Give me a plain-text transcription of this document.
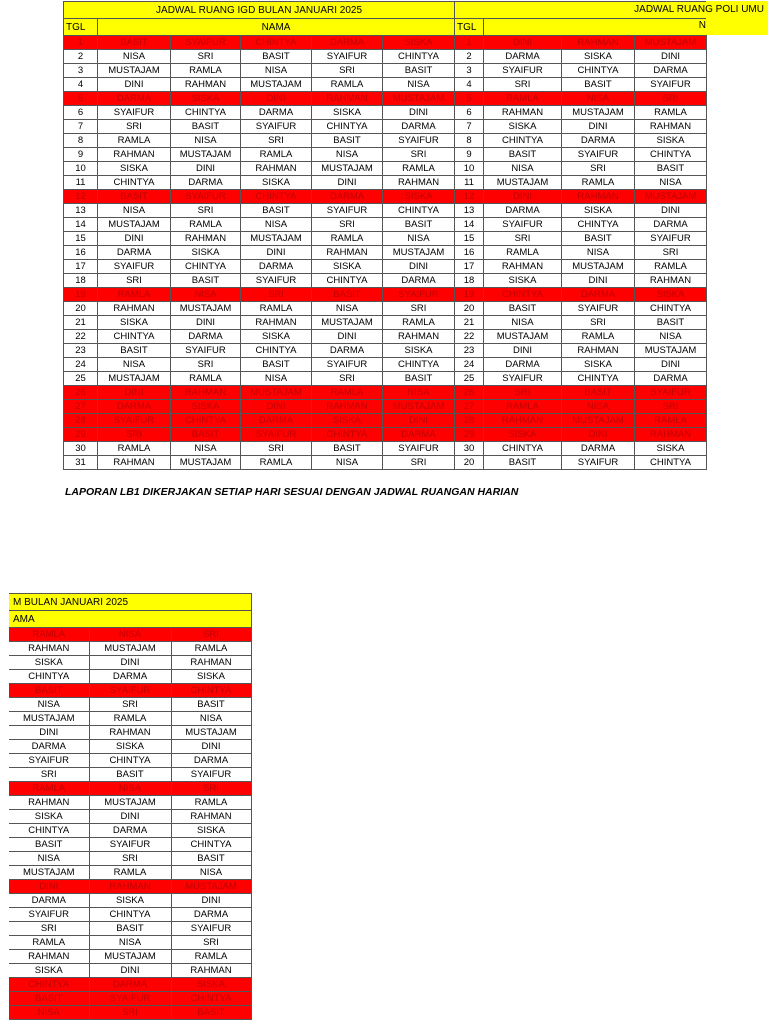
JADWAL RUANG IGD BULAN JANUARI 2025					
TGL	NAMA				
1	BASIT	SYAIFUR	CHINTYA	DARMA	SISKA
2	NISA	SRI	BASIT	SYAIFUR	CHINTYA
3	MUSTAJAM	RAMLA	NISA	SRI	BASIT
4	DINI	RAHMAN	MUSTAJAM	RAMLA	NISA
5	DARMA	SISKA	DINI	RAHMAN	MUSTAJAM
6	SYAIFUR	CHINTYA	DARMA	SISKA	DINI
7	SRI	BASIT	SYAIFUR	CHINTYA	DARMA
8	RAMLA	NISA	SRI	BASIT	SYAIFUR
9	RAHMAN	MUSTAJAM	RAMLA	NISA	SRI
10	SISKA	DINI	RAHMAN	MUSTAJAM	RAMLA
11	CHINTYA	DARMA	SISKA	DINI	RAHMAN
12	BASIT	SYAIFUR	CHINTYA	DARMA	SISKA
13	NISA	SRI	BASIT	SYAIFUR	CHINTYA
14	MUSTAJAM	RAMLA	NISA	SRI	BASIT
15	DINI	RAHMAN	MUSTAJAM	RAMLA	NISA
16	DARMA	SISKA	DINI	RAHMAN	MUSTAJAM
17	SYAIFUR	CHINTYA	DARMA	SISKA	DINI
18	SRI	BASIT	SYAIFUR	CHINTYA	DARMA
19	RAMLA	NISA	SRI	BASIT	SYAIFUR
20	RAHMAN	MUSTAJAM	RAMLA	NISA	SRI
21	SISKA	DINI	RAHMAN	MUSTAJAM	RAMLA
22	CHINTYA	DARMA	SISKA	DINI	RAHMAN
23	BASIT	SYAIFUR	CHINTYA	DARMA	SISKA
24	NISA	SRI	BASIT	SYAIFUR	CHINTYA
25	MUSTAJAM	RAMLA	NISA	SRI	BASIT
26	DINI	RAHMAN	MUSTAJAM	RAMLA	NISA
27	DARMA	SISKA	DINI	RAHMAN	MUSTAJAM
28	SYAIFUR	CHINTYA	DARMA	SISKA	DINI
29	SRI	BASIT	SYAIFUR	CHINTYA	DARMA
30	RAMLA	NISA	SRI	BASIT	SYAIFUR
31	RAHMAN	MUSTAJAM	RAMLA	NISA	SRI

TGL			
1	DINI	RAHMAN	MUSTAJAM
2	DARMA	SISKA	DINI
3	SYAIFUR	CHINTYA	DARMA
4	SRI	BASIT	SYAIFUR
5	RAMLA	NISA	SRI
6	RAHMAN	MUSTAJAM	RAMLA
7	SISKA	DINI	RAHMAN
8	CHINTYA	DARMA	SISKA
9	BASIT	SYAIFUR	CHINTYA
10	NISA	SRI	BASIT
11	MUSTAJAM	RAMLA	NISA
12	DINI	RAHMAN	MUSTAJAM
13	DARMA	SISKA	DINI
14	SYAIFUR	CHINTYA	DARMA
15	SRI	BASIT	SYAIFUR
16	RAMLA	NISA	SRI
17	RAHMAN	MUSTAJAM	RAMLA
18	SISKA	DINI	RAHMAN
19	CHINTYA	DARMA	SISKA
20	BASIT	SYAIFUR	CHINTYA
21	NISA	SRI	BASIT
22	MUSTAJAM	RAMLA	NISA
23	DINI	RAHMAN	MUSTAJAM
24	DARMA	SISKA	DINI
25	SYAIFUR	CHINTYA	DARMA
26	SRI	BASIT	SYAIFUR
27	RAMLA	NISA	SRI
28	RAHMAN	MUSTAJAM	RAMLA
29	SISKA	DINI	RAHMAN
30	CHINTYA	DARMA	SISKA
20	BASIT	SYAIFUR	CHINTYA
JADWAL RUANG POLI UMU
N
LAPORAN LB1 DIKERJAKAN SETIAP HARI SESUAI DENGAN JADWAL RUANGAN HARIAN
M BULAN JANUARI 2025		
AMA		
RAMLA	NISA	SRI
RAHMAN	MUSTAJAM	RAMLA
SISKA	DINI	RAHMAN
CHINTYA	DARMA	SISKA
BASIT	SYAIFUR	CHINTYA
NISA	SRI	BASIT
MUSTAJAM	RAMLA	NISA
DINI	RAHMAN	MUSTAJAM
DARMA	SISKA	DINI
SYAIFUR	CHINTYA	DARMA
SRI	BASIT	SYAIFUR
RAMLA	NISA	SRI
RAHMAN	MUSTAJAM	RAMLA
SISKA	DINI	RAHMAN
CHINTYA	DARMA	SISKA
BASIT	SYAIFUR	CHINTYA
NISA	SRI	BASIT
MUSTAJAM	RAMLA	NISA
DINI	RAHMAN	MUSTAJAM
DARMA	SISKA	DINI
SYAIFUR	CHINTYA	DARMA
SRI	BASIT	SYAIFUR
RAMLA	NISA	SRI
RAHMAN	MUSTAJAM	RAMLA
SISKA	DINI	RAHMAN
CHINTYA	DARMA	SISKA
BASIT	SYAIFUR	CHINTYA
NISA	SRI	BASIT
